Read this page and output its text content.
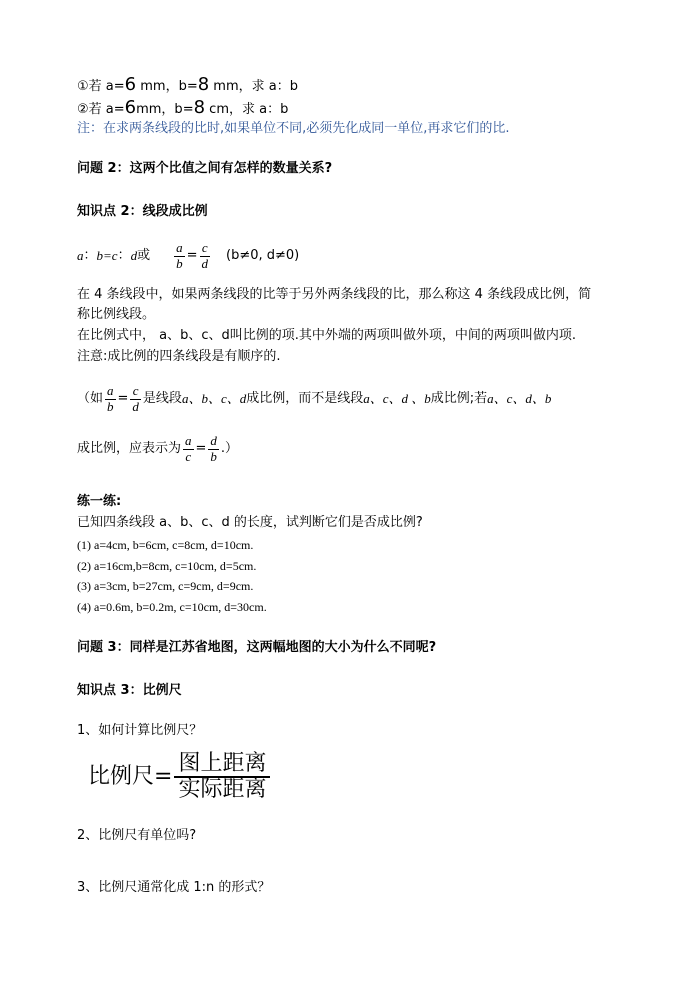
①若 a=6 mm，b=8 mm，求 a：b
②若 a=6mm，b=8 cm，求 a：b
注：在求两条线段的比时,如果单位不同,必须先化成同一单位,再求它们的比.
问题 2：这两个比值之间有怎样的数量关系?
知识点 2：线段成比例
a ： b =c ： d 或 $\frac{a}{b} = \frac{c}{d} (b\ne 0$, d≠0)
在 4 条线段中，如果两条线段的比等于另外两条线段的比，那么称这 4 条线段成比例，简
称比例线段。
在比例式中， a、b、c、d叫比例的项.其中外端的两项叫做外项，中间的两项叫做内项.
注意:成比例的四条线段是有顺序的.
（如 $\frac{a}{b} = \frac{c}{d}$ 是线段 a、b、c、d 成比例，而不是线段 a、c、d 、b 成比例;若 a、c、d、b
成比例，应表示为 $\frac{a}{c} = \frac{d}{b}$ .）
练一练:
已知四条线段 a、b、c、d 的长度，试判断它们是否成比例?
(1) a=4cm, b=6cm, c=8cm, d=10cm.
(2) a=16cm,b=8cm, c=10cm, d=5cm.
(3) a=3cm, b=27cm, c=9cm, d=9cm.
(4) a=0.6m, b=0.2m, c=10cm, d=30cm.
问题 3：同样是江苏省地图，这两幅地图的大小为什么不同呢?
知识点 3：比例尺
1、如何计算比例尺？
比例尺= $\frac{\text{图上距离}}{\text{实际距离}}$
2、比例尺有单位吗?
3、比例尺通常化成 1:n 的形式？
